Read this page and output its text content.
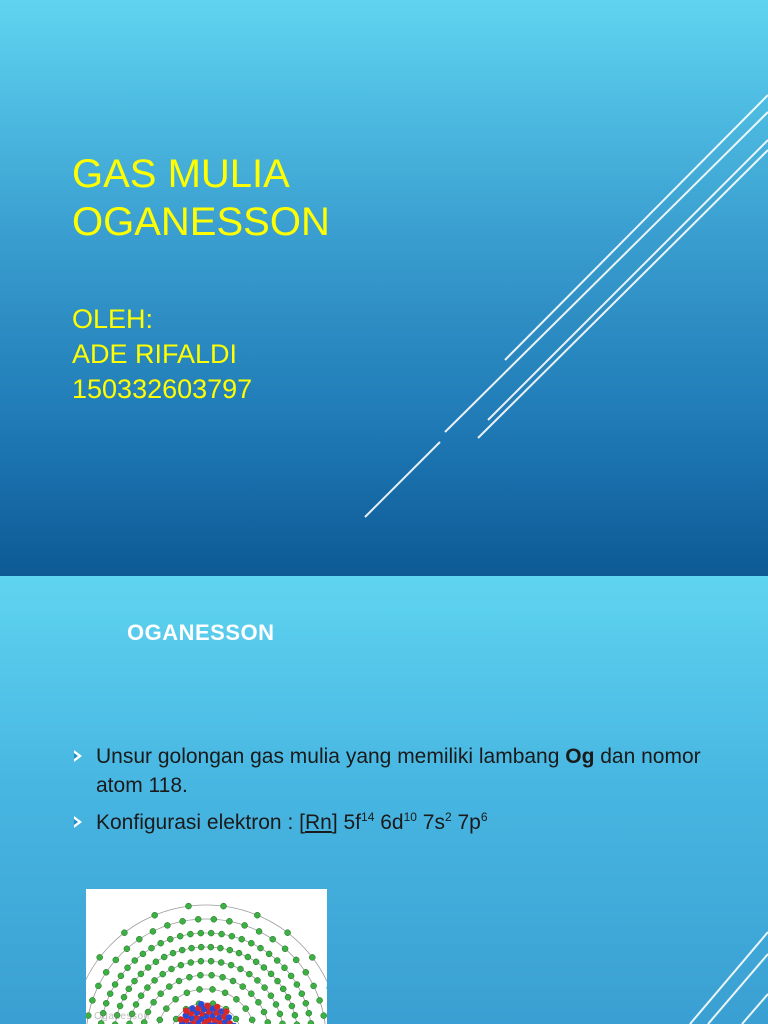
GAS MULIA
OGANESSON
OLEH:
ADE RIFALDI
150332603797
OGANESSON
Unsur golongan gas mulia yang memiliki lambang Og dan nomor atom 118.
Konfigurasi elektron : [Rn] $5f^{14}$ $6d^{10}$ $7s^2$ $7p^6$
Oganesson
